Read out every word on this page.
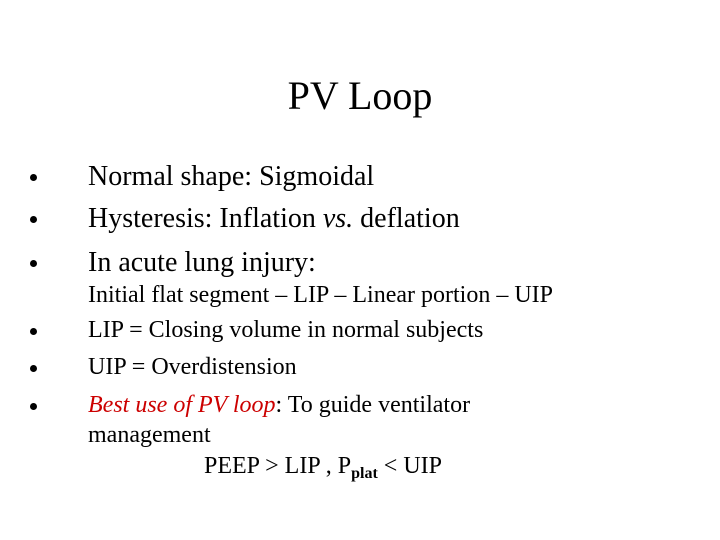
PV Loop
Normal shape: Sigmoidal
Hysteresis: Inflation vs. deflation
In acute lung injury:
Initial flat segment – LIP – Linear portion – UIP
LIP = Closing volume in normal subjects
UIP = Overdistension
Best use of PV loop: To guide ventilator
management
PEEP > LIP , $P_{plat}$ < UIP
